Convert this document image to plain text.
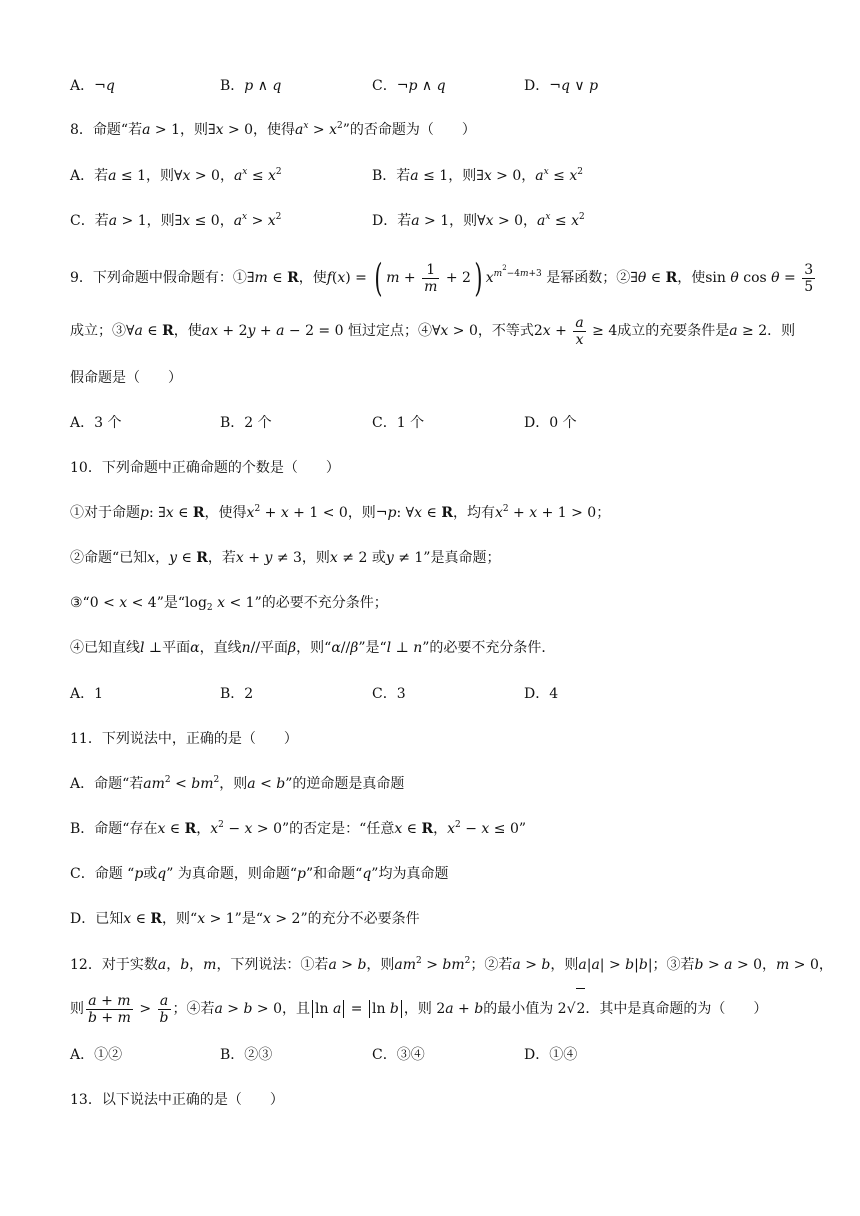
A．¬q	B．p ∧ q	C．¬p ∧ q	D．¬q ∨ p
8．命题“若a > 1，则∃x > 0，使得$a^x > x^2$”的否命题为（　　）
A．若a ≤ 1，则∀x > 0，$a^x \le x^2$	B．若a ≤ 1，则∃x > 0，$a^x \le x^2$
C．若a > 1，则∃x ≤ 0，$a^x > x^2$	D．若a > 1，则∀x > 0，$a^x \le x^2$
9．下列命题中假命题有：①∃m ∈ R，使f(x) = ( $m + \frac{1}{m} + 2$) $x^{m^2-4m+3}$ 是幂函数；②∃θ ∈ R，使sin θ $\cos \theta = \frac{3}{5}$
成立；③∀a ∈ R，使ax + 2y + a − 2 = 0 恒过定点；④∀x > 0，不等式$2x + \frac{a}{x} \ge 4$成立的充要条件是a ≥ 2．则
假命题是（　　）
A．3 个	B．2 个	C．1 个	D．0 个
10．下列命题中正确命题的个数是（　　）
①对于命题p: ∃x ∈ R，使得$x^2 + x + 1 < 0$，则¬p: ∀x ∈ R，均有$x^2 + x + 1 > 0$；
②命题“已知x，y ∈ R，若x + y ≠ 3，则x ≠ 2 或y ≠ 1”是真命题；
③“0 < x < 4”是“$\log_2$ x < 1”的必要不充分条件；
④已知直线l ⊥平面α，直线n//平面β，则“α//β”是“l ⊥ n”的必要不充分条件．
A．1	B．2	C．3	D．4
11．下列说法中，正确的是（　　）
A．命题“若$am^2 < bm^2$，则a < b”的逆命题是真命题
B．命题“存在x ∈ R，$x^2 - x > 0$”的否定是：“任意x ∈ R，$x^2 - x \le 0$”
C．命题 “p或q” 为真命题，则命题“p”和命题“q”均为真命题
D．已知x ∈ R，则“x > 1”是“x > 2”的充分不必要条件
12．对于实数a，b，m，下列说法：①若a > b，则$am^2 > bm^2$；②若a > b，则a|a| > b|b|；③若b > a > 0，m > 0，
则 $\frac{a + m}{b + m} > \frac{a}{b}$ ；④若a > b > 0，且 ln a = ln b ，则 2a + b的最小值为 2√2．其中是真命题的为（　　）
A．①②	B．②③	C．③④	D．①④
13．以下说法中正确的是（　　）
